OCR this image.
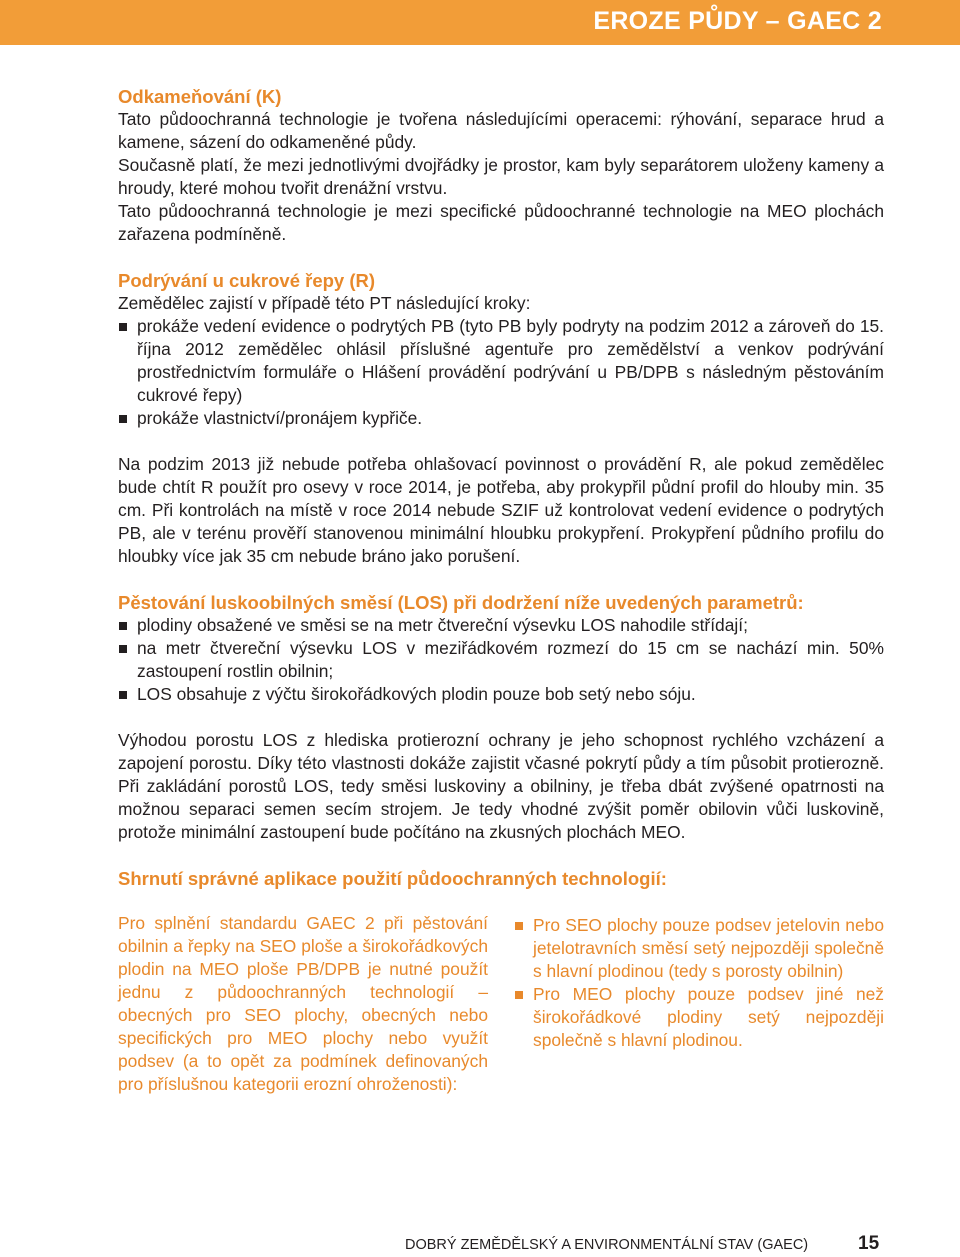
EROZE PŮDY – GAEC 2
Odkameňování (K)

Tato půdoochranná technologie je tvořena následujícími operacemi: rýhování, separace hrud a kamene, sázení do odkameněné půdy.

Současně platí, že mezi jednotlivými dvojřádky je prostor, kam byly separátorem uloženy kameny a hroudy, které mohou tvořit drenážní vrstvu.

Tato půdoochranná technologie je mezi specifické půdoochranné technologie na MEO plochách zařazena podmíněně.

Podrývání u cukrové řepy (R)

Zemědělec zajistí v případě této PT následující kroky:

prokáže vedení evidence o podrytých PB (tyto PB byly podryty na podzim 2012 a zároveň do 15. října 2012 zemědělec ohlásil příslušné agentuře pro zemědělství a venkov podrývání prostřednictvím formuláře o Hlášení provádění podrývání u PB/DPB s následným pěstováním cukrové řepy)
prokáže vlastnictví/pronájem kypřiče.

Na podzim 2013 již nebude potřeba ohlašovací povinnost o provádění R, ale pokud zemědělec bude chtít R použít pro osevy v roce 2014, je potřeba, aby prokypřil půdní profil do hlouby min. 35 cm. Při kontrolách na místě v roce 2014 nebude SZIF už kontrolovat vedení evidence o podrytých PB, ale v terénu prověří stanovenou minimální hloubku prokypření. Prokypření půdního profilu do hloubky více jak 35 cm nebude bráno jako porušení.

Pěstování luskoobilných směsí (LOS) při dodržení níže uvedených parametrů:
plodiny obsažené ve směsi se na metr čtvereční výsevku LOS nahodile střídají;
na metr čtvereční výsevku LOS v meziřádkovém rozmezí do 15 cm se nachází min. 50% zastoupení rostlin obilnin;
LOS obsahuje z výčtu širokořádkových plodin pouze bob setý nebo sóju.

Výhodou porostu LOS z hlediska protierozní ochrany je jeho schopnost rychlého vzcházení a zapojení porostu. Díky této vlastnosti dokáže zajistit včasné pokrytí půdy a tím působit protierozně. Při zakládání porostů LOS, tedy směsi luskoviny a obilniny, je třeba dbát zvýšené opatrnosti na možnou separaci semen secím strojem. Je tedy vhodné zvýšit poměr obilovin vůči luskovině, protože minimální zastoupení bude počítáno na zkusných plochách MEO.

Shrnutí správné aplikace použití půdoochranných technologií:
Pro splnění standardu GAEC 2 při pěstování obilnin a řepky na SEO ploše a širokořádkových plodin na MEO ploše PB/DPB je nutné použít jednu z půdoochranných technologií – obecných pro SEO plochy, obecných nebo specifických pro MEO plochy nebo využít podsev (a to opět za podmínek definovaných pro příslušnou kategorii erozní ohroženosti):
Pro SEO plochy pouze podsev jetelovin nebo jetelotravních směsí setý nejpozději společně s hlavní plodinou (tedy s porosty obilnin)
Pro MEO plochy pouze podsev jiné než širokořádkové plodiny setý nejpozději společně s hlavní plodinou.
DOBRÝ ZEMĚDĚLSKÝ A ENVIRONMENTÁLNÍ STAV (GAEC)	15
